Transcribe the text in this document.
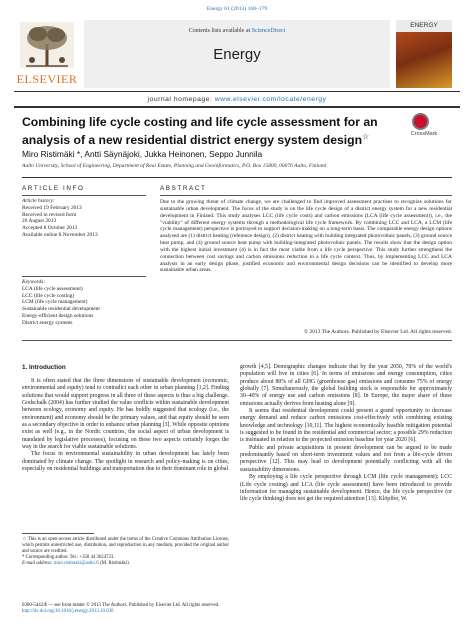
Energy 61 (2013) 168–179
ELSEVIER
Contents lists available at ScienceDirect
Energy
ENERGY
journal homepage: www.elsevier.com/locate/energy
Combining life cycle costing and life cycle assessment for an analysis of a new residential district energy system design☆	CrossMark
Miro Ristimäki *, Antti Säynäjoki, Jukka Heinonen, Seppo Junnila
Aalto University, School of Engineering, Department of Real Estate, Planning and Geoinformatics, P.O. Box 15800, 00076 Aalto, Finland
ARTICLE INFO	ABSTRACT
Article history:
Received 19 February 2013
Received in revised form
26 August 2013
Accepted 8 October 2013
Available online 8 November 2013
Keywords:
LCA (life cycle assessment)
LCC (life cycle costing)
LCM (life cycle management)
Sustainable residential development
Energy-efficient design solutions
District energy systems
Due to the growing threat of climate change, we are challenged to find improved assessment practises to recognize solutions for sustainable urban development. The focus of the study is on the life cycle design of a district energy system for a new residential development in Finland. This study analyses LCC (life cycle costs) and carbon emissions (LCA (life cycle assessment)), i.e., the "viability" of different energy systems through a methodological life cycle framework. By combining LCC and LCA, a LCM (life cycle management) perspective is portrayed to support decision-making on a long-term basis. The comparable energy design options analysed are (1) district heating (reference design), (2) district heating with building integrated photovoltaic panels, (3) ground source heat pump, and (4) ground source heat pump with building-integrated photovoltaic panels. The results show that the design option with the highest initial investment (4) is in fact the most viable from a life cycle perspective. This study further strengthens the connection between cost savings and carbon emissions reduction in a life cycle context. Thus, by implementing LCC and LCA analysis in an early design phase, justified economic and environmental design decisions can be identified to develop more sustainable urban areas.
© 2013 The Authors. Published by Elsevier Ltd. All rights reserved.
1. Introduction

It is often stated that the three dimensions of sustainable development (economic, environmental and equity) tend to contradict each other in urban planning [1,2]. Finding solutions that would support progress in all three of these aspects is thus a big challenge. Godschalk (2004) has further studied the value conflicts within sustainable development between ecology, economy and equity. He has boldly suggested that ecology (i.e., the environment) and economy should be the primary values, and that equity should be seen as a secondary objective in order to enhance urban planning [3]. While opposite opinions exist as well (e.g., in the Nordic countries, the social aspect of urban development is mandated by legislative processes), focusing on these two aspects certainly forges the way in the search for viable sustainable solutions.

The focus in environmental sustainability in urban development has lately been dominated by climate change. The spotlight in research and policy-making is on cities, especially on residential buildings and transportation due to their dominant role in global

growth [4,5]. Demographic changes indicate that by the year 2050, 70% of the world's population will live in cities [6]. In terms of emissions and energy consumption, cities produce about 80% of all GHG (greenhouse gas) emissions and consume 75% of energy globally [7]. Simultaneously, the global building stock is responsible for approximately 30–40% of energy use and carbon emissions [8]. In Europe, the major share of these emissions actually derives from heating alone [9].

It seems that residential development could present a grand opportunity to decrease energy demand and reduce carbon emissions cost-effectively with combining existing knowledge and technology [10,11]. The highest economically feasible mitigation potential is suggested to be found in the residential and commercial sector; a possible 29% reduction is insinuated in relation to the projected emission baseline for year 2020 [6].

Public and private acquisitions in present development can be argued to be made predominantly based on short-term investment values and not from a life-cycle driven perspective [12]. This may lead to development potentially conflicting with all the sustainability dimensions.

By employing a life cycle perspective through LCM (life cycle management); LCC (Life cycle costing) and LCA (life cycle assessment) have been introduced to provide information for managing sustainable development. Hence, the life cycle perspective (or life cycle thinking) does not get the required attention [13]. Klöpffer, W.

☆ This is an open-access article distributed under the terms of the Creative Commons Attribution License, which permits unrestricted use, distribution, and reproduction in any medium, provided the original author and source are credited.
* Corresponding author. Tel.: +358 44 3624723.
E-mail address: miro.ristimaki@aalto.fi (M. Ristimäki).
0360-5442/$ — see front matter © 2013 The Authors. Published by Elsevier Ltd. All rights reserved.
http://dx.doi.org/10.1016/j.energy.2013.10.030
